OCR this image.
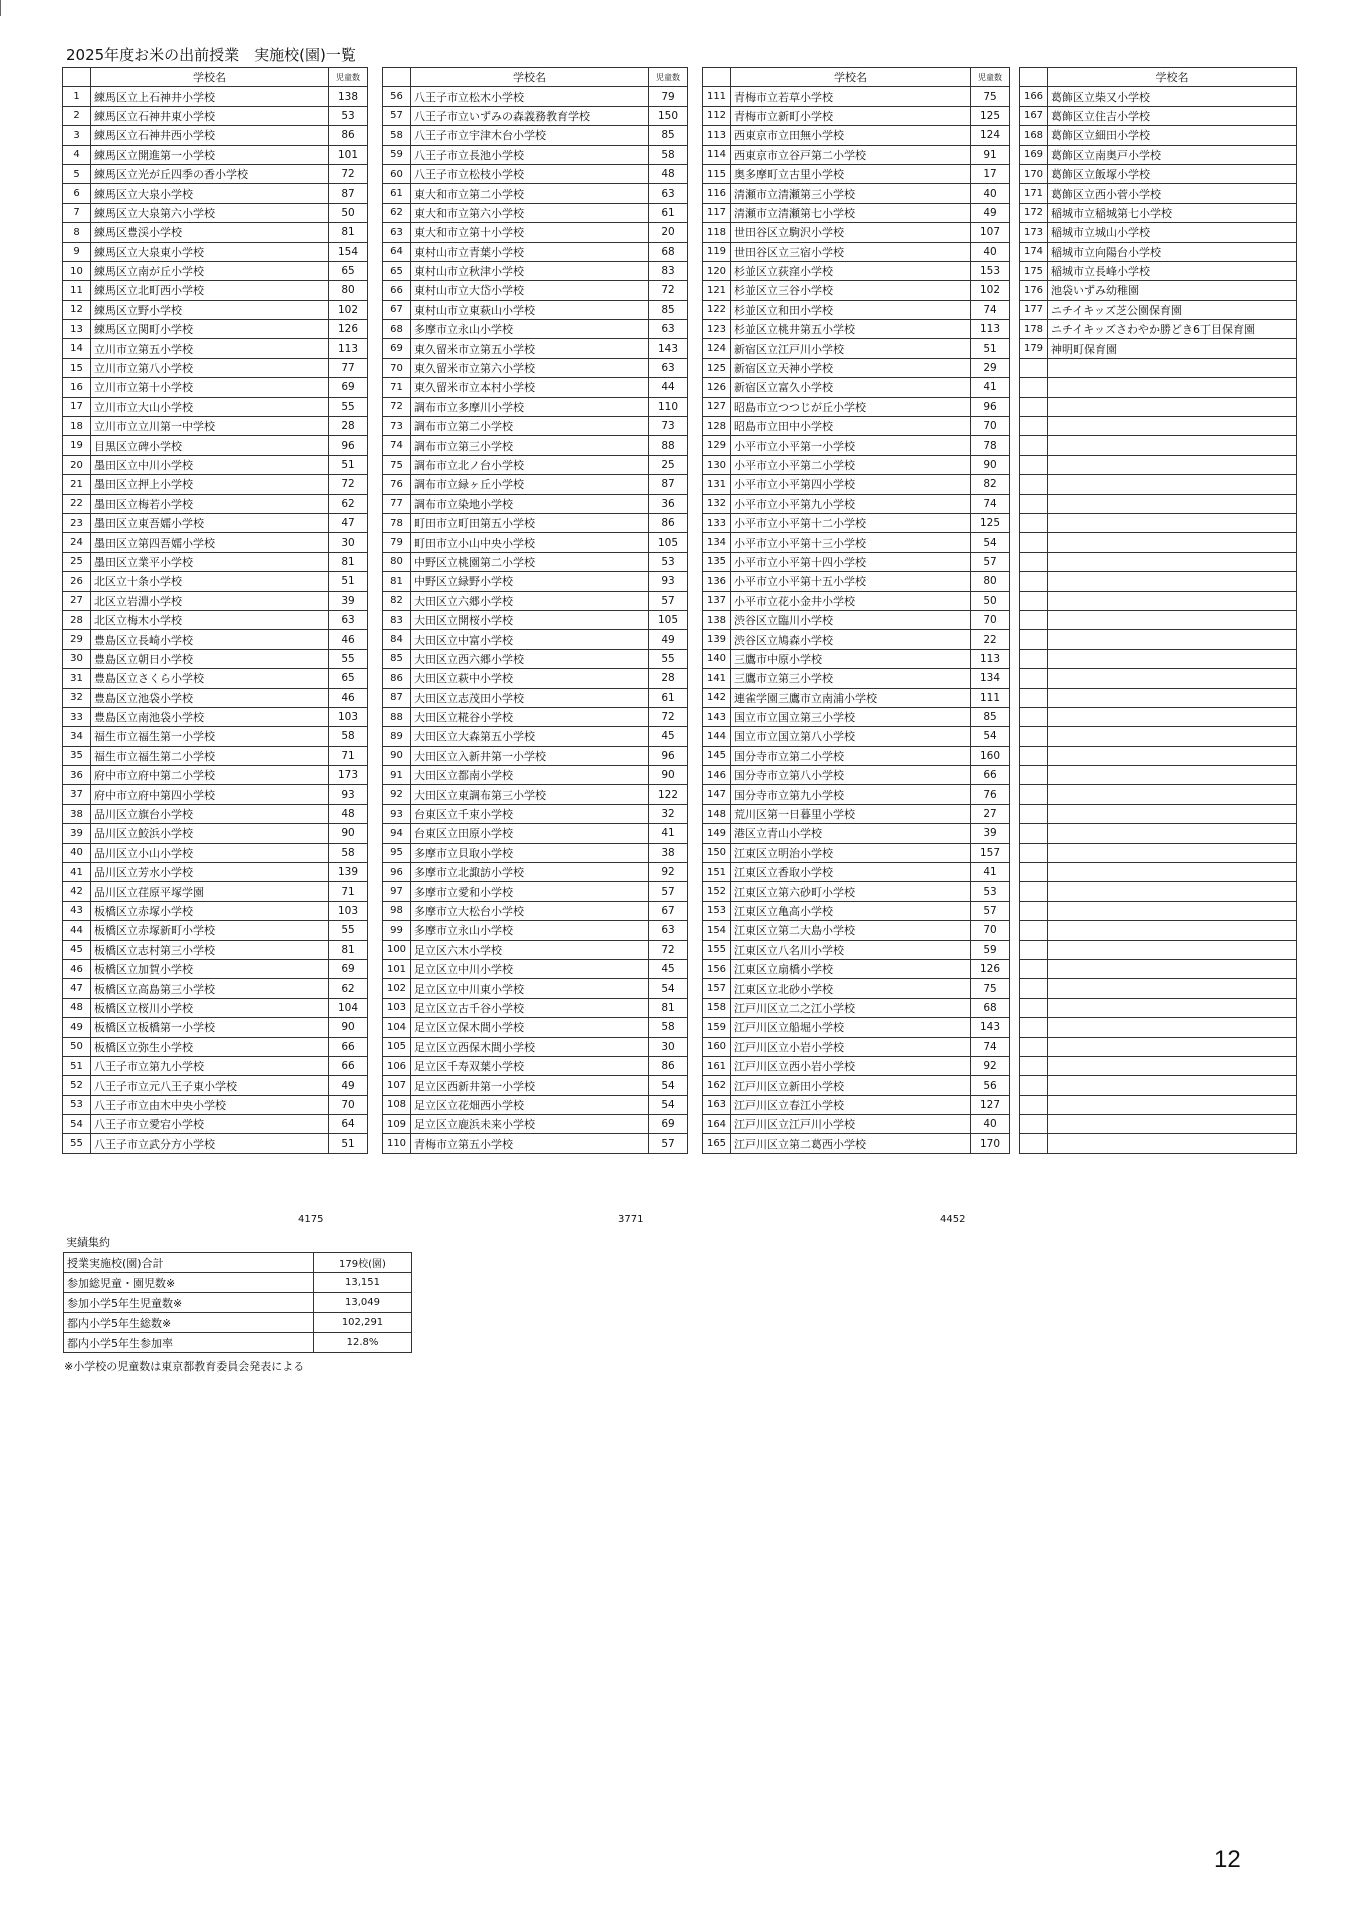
2025年度お米の出前授業　実施校(園)一覧
	学校名	児童数
1	練馬区立上石神井小学校	138
2	練馬区立石神井東小学校	53
3	練馬区立石神井西小学校	86
4	練馬区立開進第一小学校	101
5	練馬区立光が丘四季の香小学校	72
6	練馬区立大泉小学校	87
7	練馬区立大泉第六小学校	50
8	練馬区豊渓小学校	81
9	練馬区立大泉東小学校	154
10	練馬区立南が丘小学校	65
11	練馬区立北町西小学校	80
12	練馬区立野小学校	102
13	練馬区立関町小学校	126
14	立川市立第五小学校	113
15	立川市立第八小学校	77
16	立川市立第十小学校	69
17	立川市立大山小学校	55
18	立川市立立川第一中学校	28
19	目黒区立碑小学校	96
20	墨田区立中川小学校	51
21	墨田区立押上小学校	72
22	墨田区立梅若小学校	62
23	墨田区立東吾嬬小学校	47
24	墨田区立第四吾嬬小学校	30
25	墨田区立業平小学校	81
26	北区立十条小学校	51
27	北区立岩淵小学校	39
28	北区立梅木小学校	63
29	豊島区立長崎小学校	46
30	豊島区立朝日小学校	55
31	豊島区立さくら小学校	65
32	豊島区立池袋小学校	46
33	豊島区立南池袋小学校	103
34	福生市立福生第一小学校	58
35	福生市立福生第二小学校	71
36	府中市立府中第二小学校	173
37	府中市立府中第四小学校	93
38	品川区立旗台小学校	48
39	品川区立鮫浜小学校	90
40	品川区立小山小学校	58
41	品川区立芳水小学校	139
42	品川区立荏原平塚学園	71
43	板橋区立赤塚小学校	103
44	板橋区立赤塚新町小学校	55
45	板橋区立志村第三小学校	81
46	板橋区立加賀小学校	69
47	板橋区立高島第三小学校	62
48	板橋区立桜川小学校	104
49	板橋区立板橋第一小学校	90
50	板橋区立弥生小学校	66
51	八王子市立第九小学校	66
52	八王子市立元八王子東小学校	49
53	八王子市立由木中央小学校	70
54	八王子市立愛宕小学校	64
55	八王子市立武分方小学校	51
4175
	学校名	児童数
56	八王子市立松木小学校	79
57	八王子市立いずみの森義務教育学校	150
58	八王子市立宇津木台小学校	85
59	八王子市立長池小学校	58
60	八王子市立松枝小学校	48
61	東大和市立第二小学校	63
62	東大和市立第六小学校	61
63	東大和市立第十小学校	20
64	東村山市立青葉小学校	68
65	東村山市立秋津小学校	83
66	東村山市立大岱小学校	72
67	東村山市立東萩山小学校	85
68	多摩市立永山小学校	63
69	東久留米市立第五小学校	143
70	東久留米市立第六小学校	63
71	東久留米市立本村小学校	44
72	調布市立多摩川小学校	110
73	調布市立第二小学校	73
74	調布市立第三小学校	88
75	調布市立北ノ台小学校	25
76	調布市立緑ヶ丘小学校	87
77	調布市立染地小学校	36
78	町田市立町田第五小学校	86
79	町田市立小山中央小学校	105
80	中野区立桃園第二小学校	53
81	中野区立緑野小学校	93
82	大田区立六郷小学校	57
83	大田区立開桜小学校	105
84	大田区立中富小学校	49
85	大田区立西六郷小学校	55
86	大田区立萩中小学校	28
87	大田区立志茂田小学校	61
88	大田区立糀谷小学校	72
89	大田区立大森第五小学校	45
90	大田区立入新井第一小学校	96
91	大田区立都南小学校	90
92	大田区立東調布第三小学校	122
93	台東区立千束小学校	32
94	台東区立田原小学校	41
95	多摩市立貝取小学校	38
96	多摩市立北諏訪小学校	92
97	多摩市立愛和小学校	57
98	多摩市立大松台小学校	67
99	多摩市立永山小学校	63
100	足立区六木小学校	72
101	足立区立中川小学校	45
102	足立区立中川東小学校	54
103	足立区立古千谷小学校	81
104	足立区立保木間小学校	58
105	足立区立西保木間小学校	30
106	足立区千寿双葉小学校	86
107	足立区西新井第一小学校	54
108	足立区立花畑西小学校	54
109	足立区立鹿浜未来小学校	69
110	青梅市立第五小学校	57
3771
	学校名	児童数
111	青梅市立若草小学校	75
112	青梅市立新町小学校	125
113	西東京市立田無小学校	124
114	西東京市立谷戸第二小学校	91
115	奥多摩町立古里小学校	17
116	清瀬市立清瀬第三小学校	40
117	清瀬市立清瀬第七小学校	49
118	世田谷区立駒沢小学校	107
119	世田谷区立三宿小学校	40
120	杉並区立荻窪小学校	153
121	杉並区立三谷小学校	102
122	杉並区立和田小学校	74
123	杉並区立桃井第五小学校	113
124	新宿区立江戸川小学校	51
125	新宿区立天神小学校	29
126	新宿区立富久小学校	41
127	昭島市立つつじが丘小学校	96
128	昭島市立田中小学校	70
129	小平市立小平第一小学校	78
130	小平市立小平第二小学校	90
131	小平市立小平第四小学校	82
132	小平市立小平第九小学校	74
133	小平市立小平第十二小学校	125
134	小平市立小平第十三小学校	54
135	小平市立小平第十四小学校	57
136	小平市立小平第十五小学校	80
137	小平市立花小金井小学校	50
138	渋谷区立臨川小学校	70
139	渋谷区立鳩森小学校	22
140	三鷹市中原小学校	113
141	三鷹市立第三小学校	134
142	連雀学園三鷹市立南浦小学校	111
143	国立市立国立第三小学校	85
144	国立市立国立第八小学校	54
145	国分寺市立第二小学校	160
146	国分寺市立第八小学校	66
147	国分寺市立第九小学校	76
148	荒川区第一日暮里小学校	27
149	港区立青山小学校	39
150	江東区立明治小学校	157
151	江東区立香取小学校	41
152	江東区立第六砂町小学校	53
153	江東区立亀高小学校	57
154	江東区立第二大島小学校	70
155	江東区立八名川小学校	59
156	江東区立扇橋小学校	126
157	江東区立北砂小学校	75
158	江戸川区立二之江小学校	68
159	江戸川区立船堀小学校	143
160	江戸川区立小岩小学校	74
161	江戸川区立西小岩小学校	92
162	江戸川区立新田小学校	56
163	江戸川区立春江小学校	127
164	江戸川区立江戸川小学校	40
165	江戸川区立第二葛西小学校	170
4452
	学校名
166	葛飾区立柴又小学校
167	葛飾区立住吉小学校
168	葛飾区立細田小学校
169	葛飾区立南奥戸小学校
170	葛飾区立飯塚小学校
171	葛飾区立西小菅小学校
172	稲城市立稲城第七小学校
173	稲城市立城山小学校
174	稲城市立向陽台小学校
175	稲城市立長峰小学校
176	池袋いずみ幼稚園
177	ニチイキッズ芝公園保育園
178	ニチイキッズさわやか勝どき6丁目保育園
179	神明町保育園

実績集約
授業実施校(園)合計	179校(園)
参加総児童・園児数※	13,151
参加小学5年生児童数※	13,049
都内小学5年生総数※	102,291
都内小学5年生参加率	12.8%
※小学校の児童数は東京都教育委員会発表による
12
